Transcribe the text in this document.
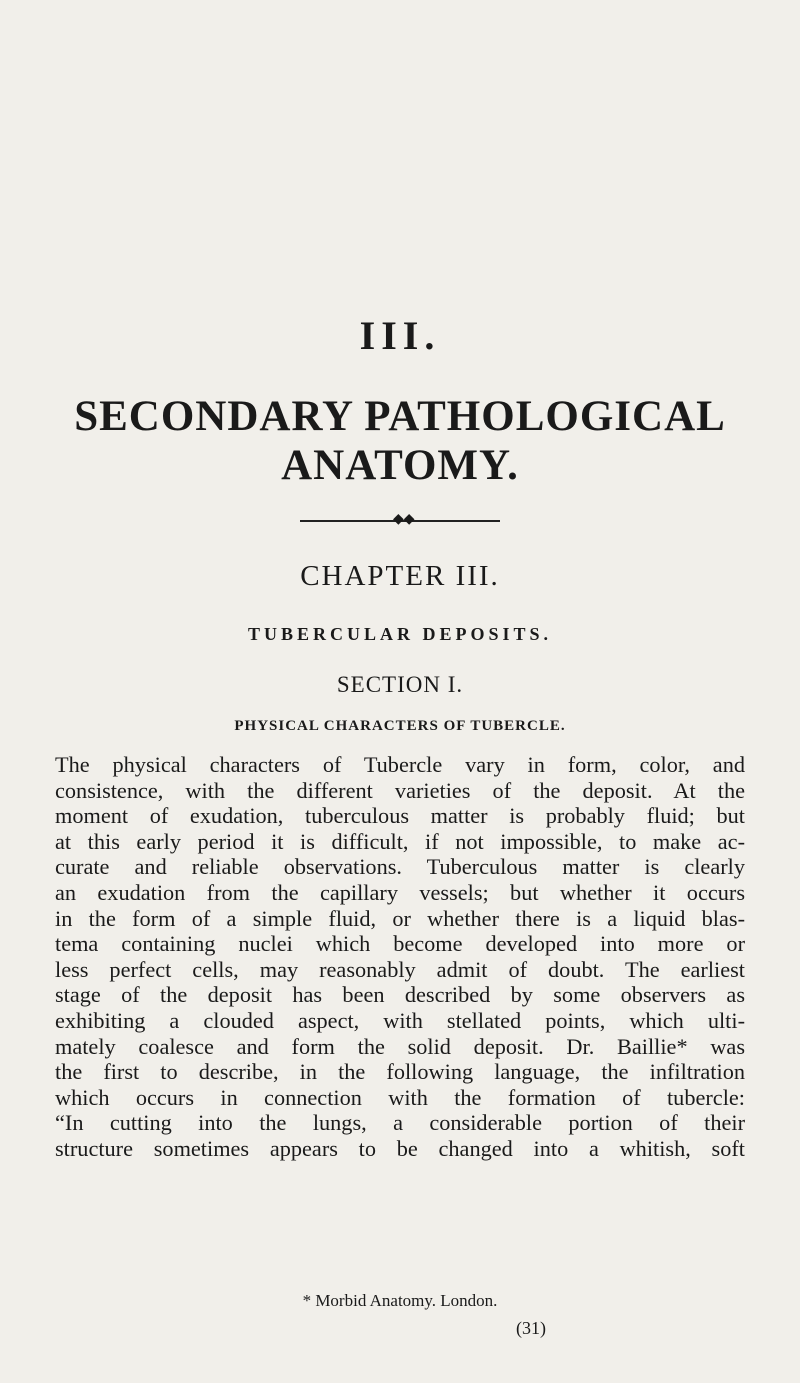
III.
SECONDARY PATHOLOGICAL ANATOMY.
◆◆
CHAPTER III.
TUBERCULAR DEPOSITS.
SECTION I.
PHYSICAL CHARACTERS OF TUBERCLE.
The physical characters of Tubercle vary in form, color, and
consistence, with the different varieties of the deposit. At the
moment of exudation, tuberculous matter is probably fluid; but
at this early period it is difficult, if not impossible, to make ac-
curate and reliable observations. Tuberculous matter is clearly
an exudation from the capillary vessels; but whether it occurs
in the form of a simple fluid, or whether there is a liquid blas-
tema containing nuclei which become developed into more or
less perfect cells, may reasonably admit of doubt. The earliest
stage of the deposit has been described by some observers as
exhibiting a clouded aspect, with stellated points, which ulti-
mately coalesce and form the solid deposit. Dr. Baillie* was
the first to describe, in the following language, the infiltration
which occurs in connection with the formation of tubercle:
“In cutting into the lungs, a considerable portion of their
structure sometimes appears to be changed into a whitish, soft
* Morbid Anatomy. London.
(31)
